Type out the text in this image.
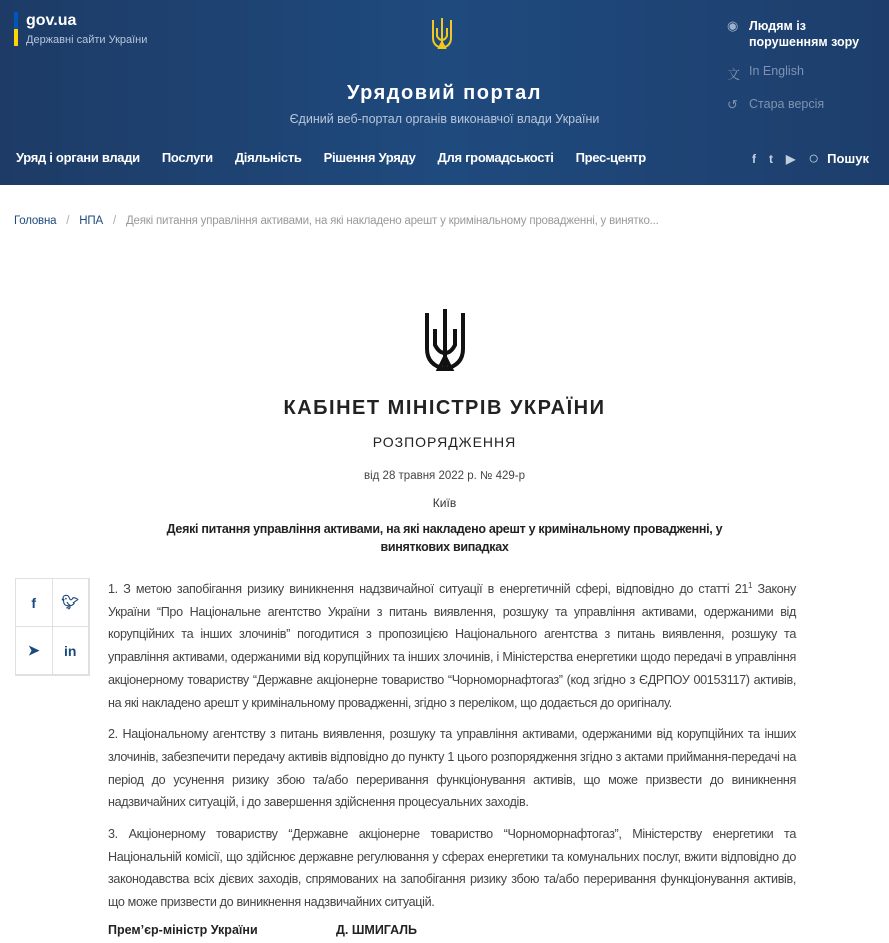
gov.ua
Державні сайти України
Урядовий портал
Єдиний веб-портал органів виконавчої влади України
◉ Людям із порушенням зору
文 In English
↺ Стара версія
Уряд і органи влади Послуги Діяльність Рішення Уряду Для громадськості Прес-центр	f t ▶ ○ Пошук
Головна / НПА / Деякі питання управління активами, на які накладено арешт у кримінальному провадженні, у винятко...
КАБІНЕТ МІНІСТРІВ УКРАЇНИ
РОЗПОРЯДЖЕННЯ
від 28 травня 2022 р. № 429-р
Київ
Деякі питання управління активами, на які накладено арешт у кримінальному провадженні, у виняткових випадках
f	🐦︎
➤	in

1. З метою запобігання ризику виникнення надзвичайної ситуації в енергетичній сфері, відповідно до статті $21^1$ Закону України “Про Національне агентство України з питань виявлення, розшуку та управління активами, одержаними від корупційних та інших злочинів” погодитися з пропозицією Національного агентства з питань виявлення, розшуку та управління активами, одержаними від корупційних та інших злочинів, і Міністерства енергетики щодо передачі в управління акціонерному товариству “Державне акціонерне товариство “Чорноморнафтогаз” (код згідно з ЄДРПОУ 00153117) активів, на які накладено арешт у кримінальному провадженні, згідно з переліком, що додається до оригіналу.

2. Національному агентству з питань виявлення, розшуку та управління активами, одержаними від корупційних та інших злочинів, забезпечити передачу активів відповідно до пункту 1 цього розпорядження згідно з актами приймання-передачі на період до усунення ризику збою та/або переривання функціонування активів, що може призвести до виникнення надзвичайних ситуацій, і до завершення здійснення процесуальних заходів.

3. Акціонерному товариству “Державне акціонерне товариство “Чорноморнафтогаз”, Міністерству енергетики та Національній комісії, що здійснює державне регулювання у сферах енергетики та комунальних послуг, вжити відповідно до законодавства всіх дієвих заходів, спрямованих на запобігання ризику збою та/або переривання функціонування активів, що може призвести до виникнення надзвичайних ситуацій.

Прем’єр-міністр України	Д. ШМИГАЛЬ
